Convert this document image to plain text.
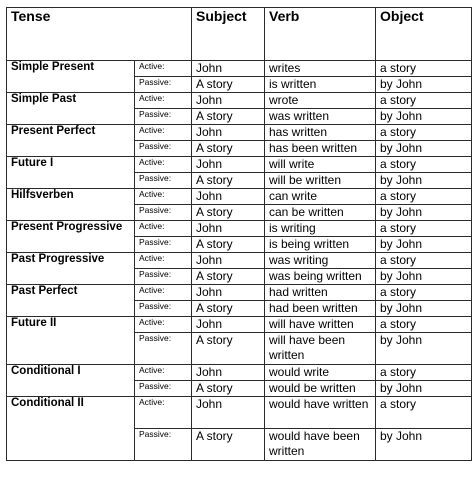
Tense		Subject	Verb	Object
Simple Present	Active:	John	writes	a story
	Passive:	A story	is written	by John
Simple Past	Active:	John	wrote	a story
	Passive:	A story	was written	by John
Present Perfect	Active:	John	has written	a story
	Passive:	A story	has been written	by John
Future I	Active:	John	will write	a story
	Passive:	A story	will be written	by John
Hilfsverben	Active:	John	can write	a story
	Passive:	A story	can be written	by John
Present Progressive	Active:	John	is writing	a story
	Passive:	A story	is being written	by John
Past Progressive	Active:	John	was writing	a story
	Passive:	A story	was being written	by John
Past Perfect	Active:	John	had written	a story
	Passive:	A story	had been written	by John
Future II	Active:	John	will have written	a story
	Passive:	A story	will have been written	by John
Conditional I	Active:	John	would write	a story
	Passive:	A story	would be written	by John
Conditional II	Active:	John	would have written	a story
	Passive:	A story	would have been written	by John
